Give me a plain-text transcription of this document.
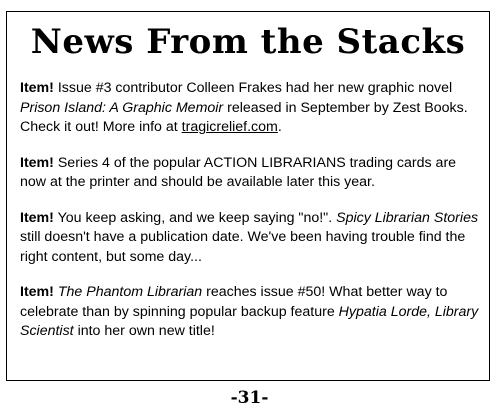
News From the Stacks

Item! Issue #3 contributor Colleen Frakes had her new graphic novel Prison Island: A Graphic Memoir released in September by Zest Books. Check it out! More info at tragicrelief.com.

Item! Series 4 of the popular ACTION LIBRARIANS trading cards are now at the printer and should be available later this year.

Item! You keep asking, and we keep saying "no!". Spicy Librarian Stories still doesn't have a publication date. We've been having trouble find the right content, but some day...

Item! The Phantom Librarian reaches issue #50! What better way to celebrate than by spinning popular backup feature Hypatia Lorde, Library Scientist into her own new title!

-31-
